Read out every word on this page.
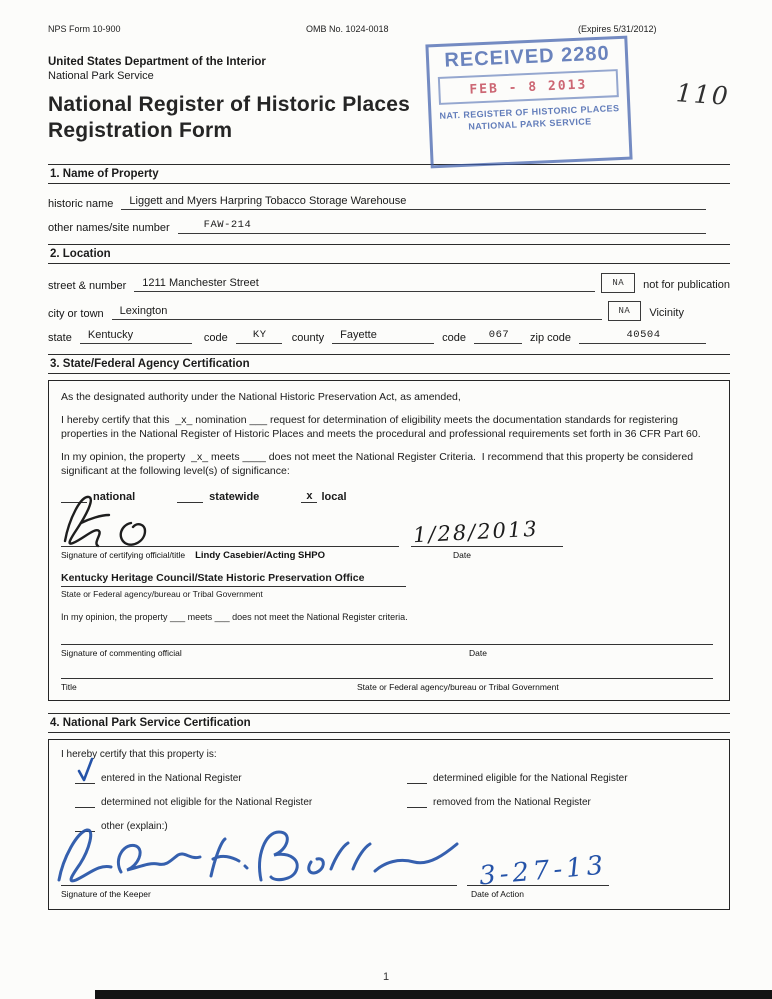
NPS Form 10-900	OMB No. 1024-0018	(Expires 5/31/2012)
United States Department of the Interior
National Park Service
National Register of Historic Places
Registration Form
1. Name of Property
historic name	Liggett and Myers Harpring Tobacco Storage Warehouse
other names/site number	FAW-214
2. Location
street & number	1211 Manchester Street	NA	not for publication
city or town	Lexington	NA	Vicinity
state	Kentucky	code	KY	county	Fayette	code	067	zip code	40504
3. State/Federal Agency Certification

As the designated authority under the National Historic Preservation Act, as amended,

I hereby certify that this  _x_ nomination ___ request for determination of eligibility meets the documentation standards for registering properties in the National Register of Historic Places and meets the procedural and professional requirements set forth in 36 CFR Part 60.

In my opinion, the property  _x_ meets ____ does not meet the National Register Criteria.  I recommend that this property be considered significant at the following level(s) of significance:

national	statewide	x local
1/28/2013
Signature of certifying official/title Lindy Casebier/Acting SHPO	Date
Kentucky Heritage Council/State Historic Preservation Office
State or Federal agency/bureau or Tribal Government
In my opinion, the property ___ meets ___ does not meet the National Register criteria.
Signature of commenting official	Date
Title	State or Federal agency/bureau or Tribal Government
4. National Park Service Certification
I hereby certify that this property is:
entered in the National Register	determined eligible for the National Register
determined not eligible for the National Register	removed from the National Register
other (explain:)
3-27-13
Signature of the Keeper	Date of Action
RECEIVED 2280
FEB - 8 2013
NAT. REGISTER OF HISTORIC PLACES
NATIONAL PARK SERVICE
110
1
